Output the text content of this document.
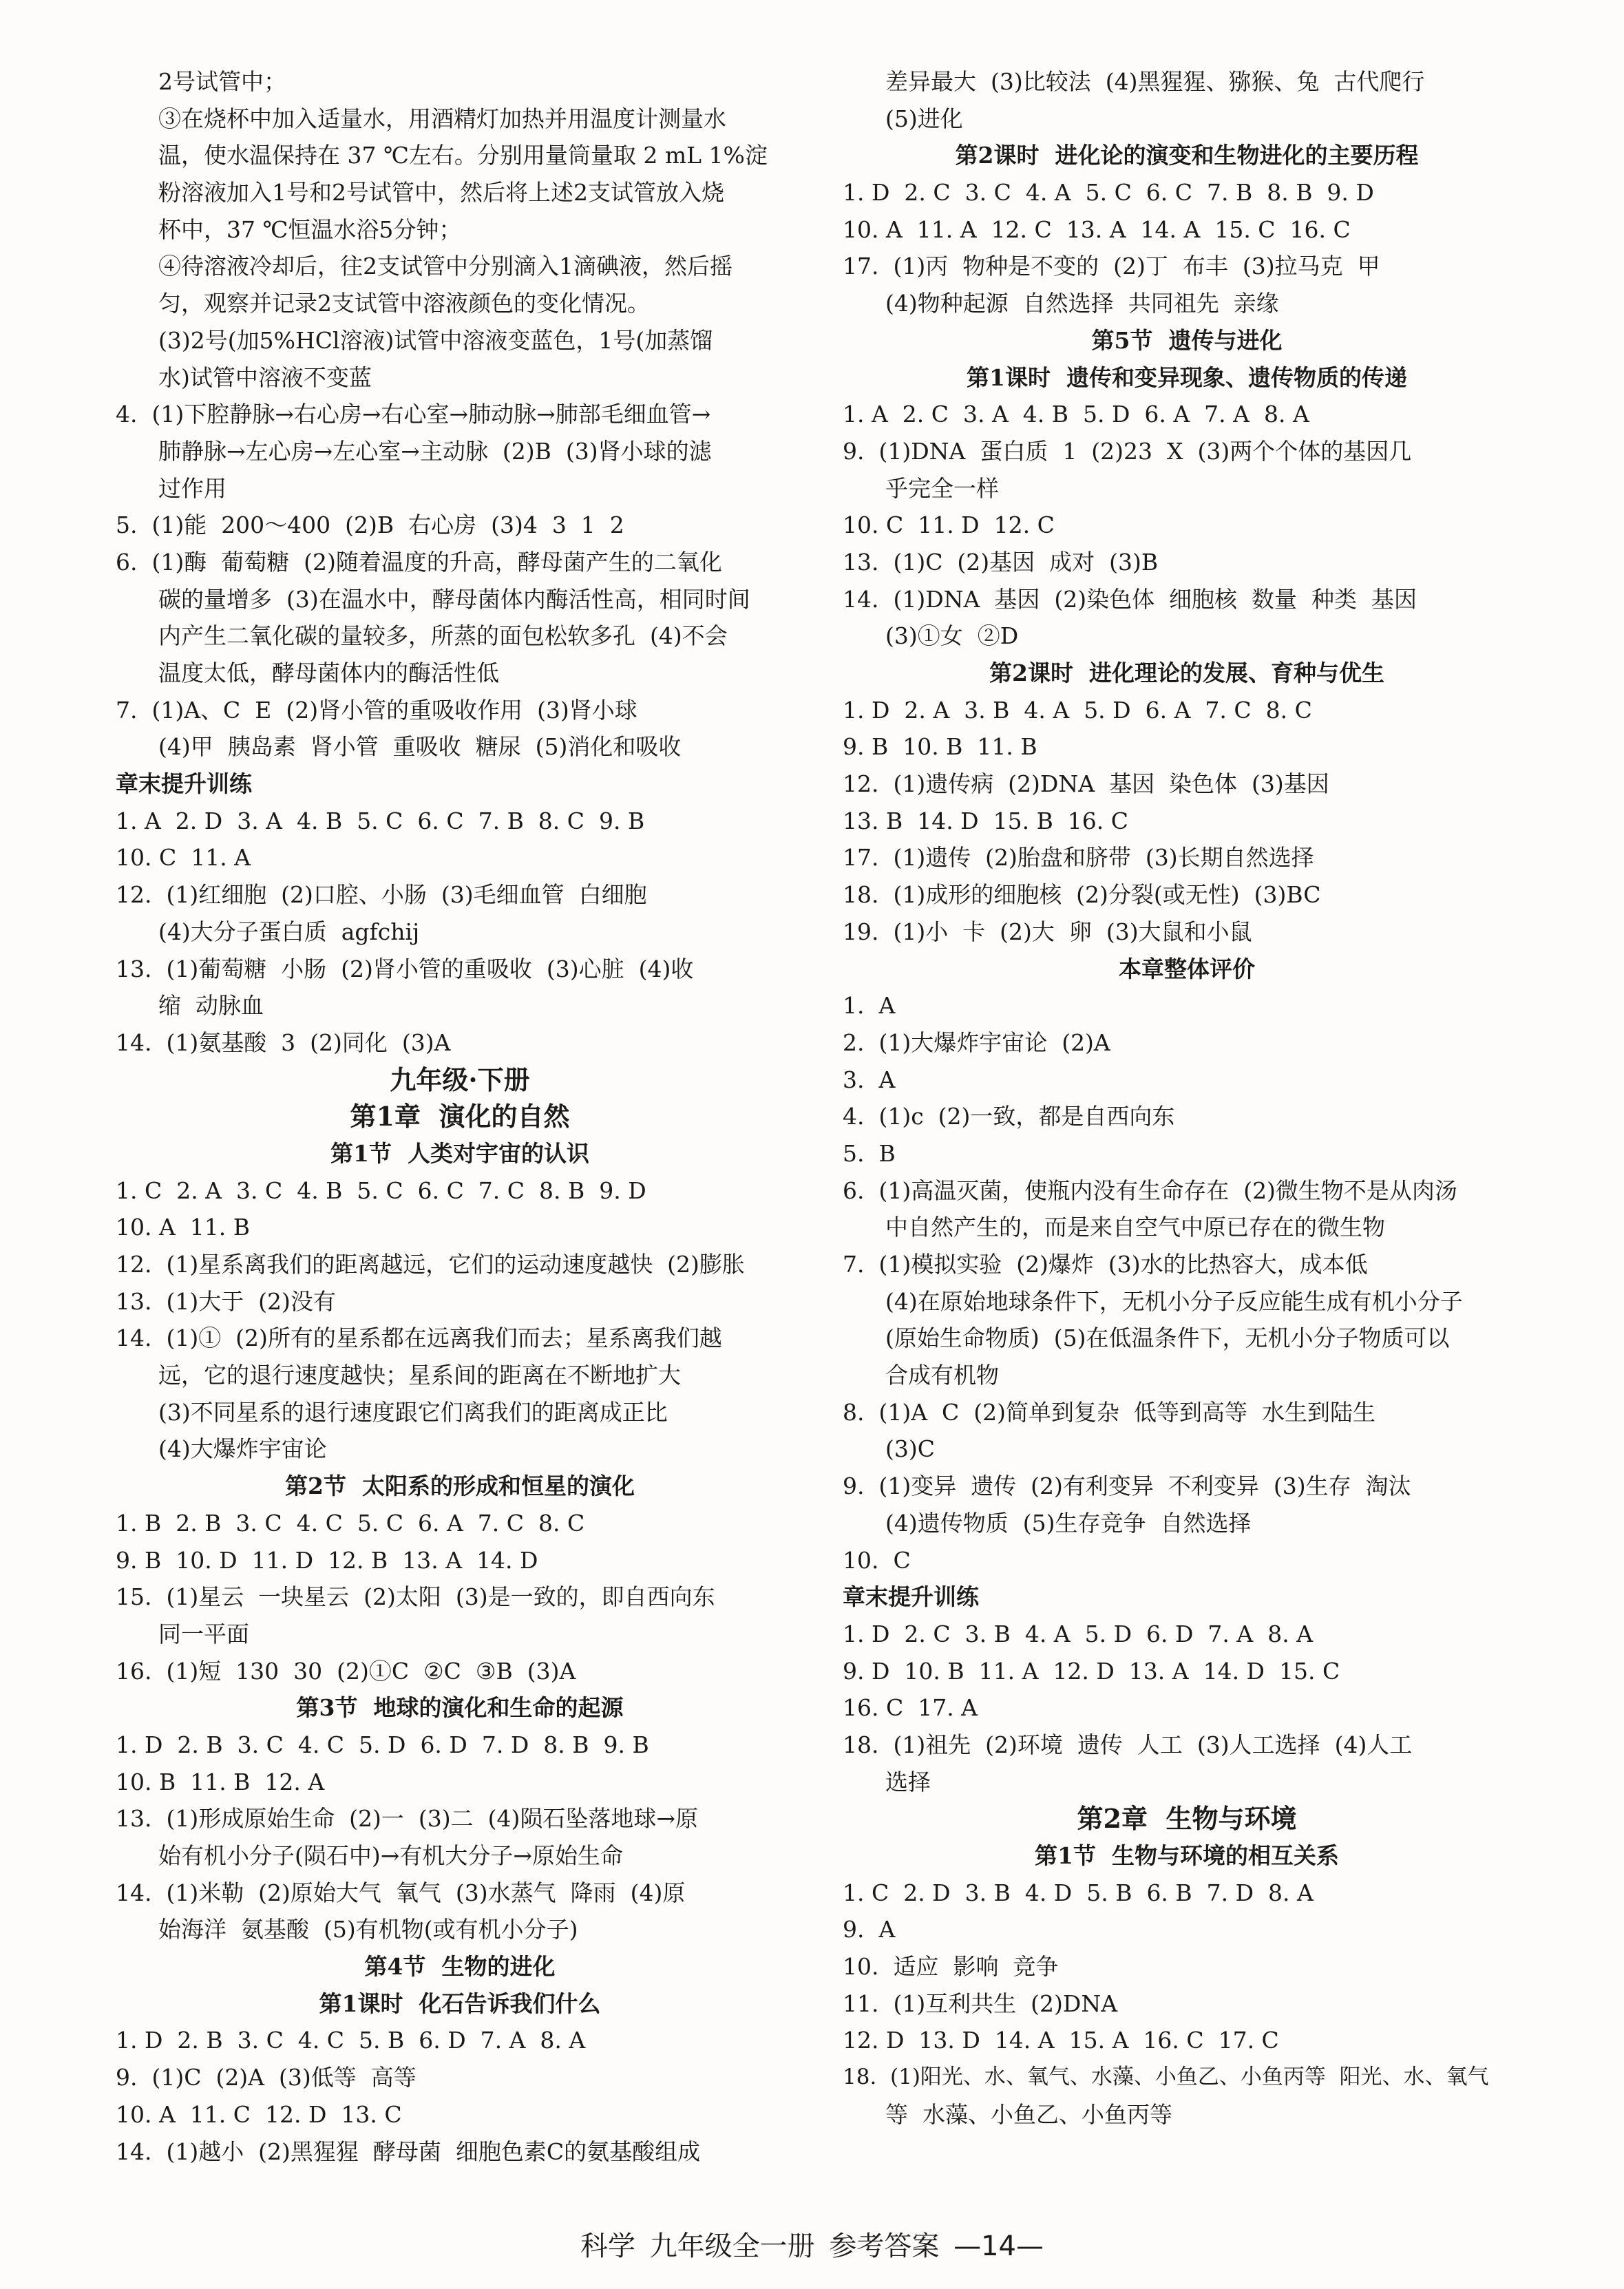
2号试管中；
③在烧杯中加入适量水，用酒精灯加热并用温度计测量水
温，使水温保持在 37 ℃左右。分别用量筒量取 2 mL 1%淀
粉溶液加入1号和2号试管中，然后将上述2支试管放入烧
杯中，37 ℃恒温水浴5分钟；
④待溶液冷却后，往2支试管中分别滴入1滴碘液，然后摇
匀，观察并记录2支试管中溶液颜色的变化情况。
(3)2号(加5%HCl溶液)试管中溶液变蓝色，1号(加蒸馏
水)试管中溶液不变蓝
4.  (1)下腔静脉→右心房→右心室→肺动脉→肺部毛细血管→
肺静脉→左心房→左心室→主动脉  (2)B  (3)肾小球的滤
过作用
5.  (1)能  200～400  (2)B  右心房  (3)4  3  1  2
6.  (1)酶  葡萄糖  (2)随着温度的升高，酵母菌产生的二氧化
碳的量增多  (3)在温水中，酵母菌体内酶活性高，相同时间
内产生二氧化碳的量较多，所蒸的面包松软多孔  (4)不会
温度太低，酵母菌体内的酶活性低
7.  (1)A、C  E  (2)肾小管的重吸收作用  (3)肾小球
(4)甲  胰岛素  肾小管  重吸收  糖尿  (5)消化和吸收
章末提升训练
1. A  2. D  3. A  4. B  5. C  6. C  7. B  8. C  9. B
10. C  11. A
12.  (1)红细胞  (2)口腔、小肠  (3)毛细血管  白细胞
(4)大分子蛋白质  agfchij
13.  (1)葡萄糖  小肠  (2)肾小管的重吸收  (3)心脏  (4)收
缩  动脉血
14.  (1)氨基酸  3  (2)同化  (3)A
九年级·下册
第1章  演化的自然
第1节  人类对宇宙的认识
1. C  2. A  3. C  4. B  5. C  6. C  7. C  8. B  9. D
10. A  11. B
12.  (1)星系离我们的距离越远，它们的运动速度越快  (2)膨胀
13.  (1)大于  (2)没有
14.  (1)①  (2)所有的星系都在远离我们而去；星系离我们越
远，它的退行速度越快；星系间的距离在不断地扩大
(3)不同星系的退行速度跟它们离我们的距离成正比
(4)大爆炸宇宙论
第2节  太阳系的形成和恒星的演化
1. B  2. B  3. C  4. C  5. C  6. A  7. C  8. C
9. B  10. D  11. D  12. B  13. A  14. D
15.  (1)星云  一块星云  (2)太阳  (3)是一致的，即自西向东
同一平面
16.  (1)短  130  30  (2)①C  ②C  ③B  (3)A
第3节  地球的演化和生命的起源
1. D  2. B  3. C  4. C  5. D  6. D  7. D  8. B  9. B
10. B  11. B  12. A
13.  (1)形成原始生命  (2)一  (3)二  (4)陨石坠落地球→原
始有机小分子(陨石中)→有机大分子→原始生命
14.  (1)米勒  (2)原始大气  氧气  (3)水蒸气  降雨  (4)原
始海洋  氨基酸  (5)有机物(或有机小分子)
第4节  生物的进化
第1课时  化石告诉我们什么
1. D  2. B  3. C  4. C  5. B  6. D  7. A  8. A
9.  (1)C  (2)A  (3)低等  高等
10. A  11. C  12. D  13. C
14.  (1)越小  (2)黑猩猩  酵母菌  细胞色素C的氨基酸组成
差异最大  (3)比较法  (4)黑猩猩、猕猴、兔  古代爬行
(5)进化
第2课时  进化论的演变和生物进化的主要历程
1. D  2. C  3. C  4. A  5. C  6. C  7. B  8. B  9. D
10. A  11. A  12. C  13. A  14. A  15. C  16. C
17.  (1)丙  物种是不变的  (2)丁  布丰  (3)拉马克  甲
(4)物种起源  自然选择  共同祖先  亲缘
第5节  遗传与进化
第1课时  遗传和变异现象、遗传物质的传递
1. A  2. C  3. A  4. B  5. D  6. A  7. A  8. A
9.  (1)DNA  蛋白质  1  (2)23  X  (3)两个个体的基因几
乎完全一样
10. C  11. D  12. C
13.  (1)C  (2)基因  成对  (3)B
14.  (1)DNA  基因  (2)染色体  细胞核  数量  种类  基因
(3)①女  ②D
第2课时  进化理论的发展、育种与优生
1. D  2. A  3. B  4. A  5. D  6. A  7. C  8. C
9. B  10. B  11. B
12.  (1)遗传病  (2)DNA  基因  染色体  (3)基因
13. B  14. D  15. B  16. C
17.  (1)遗传  (2)胎盘和脐带  (3)长期自然选择
18.  (1)成形的细胞核  (2)分裂(或无性)  (3)BC
19.  (1)小  卡  (2)大  卵  (3)大鼠和小鼠
本章整体评价
1.  A
2.  (1)大爆炸宇宙论  (2)A
3.  A
4.  (1)c  (2)一致，都是自西向东
5.  B
6.  (1)高温灭菌，使瓶内没有生命存在  (2)微生物不是从肉汤
中自然产生的，而是来自空气中原已存在的微生物
7.  (1)模拟实验  (2)爆炸  (3)水的比热容大，成本低
(4)在原始地球条件下，无机小分子反应能生成有机小分子
(原始生命物质)  (5)在低温条件下，无机小分子物质可以
合成有机物
8.  (1)A  C  (2)简单到复杂  低等到高等  水生到陆生
(3)C
9.  (1)变异  遗传  (2)有利变异  不利变异  (3)生存  淘汰
(4)遗传物质  (5)生存竞争  自然选择
10.  C
章末提升训练
1. D  2. C  3. B  4. A  5. D  6. D  7. A  8. A
9. D  10. B  11. A  12. D  13. A  14. D  15. C
16. C  17. A
18.  (1)祖先  (2)环境  遗传  人工  (3)人工选择  (4)人工
选择
第2章  生物与环境
第1节  生物与环境的相互关系
1. C  2. D  3. B  4. D  5. B  6. B  7. D  8. A
9.  A
10.  适应  影响  竞争
11.  (1)互利共生  (2)DNA
12. D  13. D  14. A  15. A  16. C  17. C
18.  (1)阳光、水、氧气、水藻、小鱼乙、小鱼丙等  阳光、水、氧气
等  水藻、小鱼乙、小鱼丙等
科学 九年级全一册 参考答案 —14—
